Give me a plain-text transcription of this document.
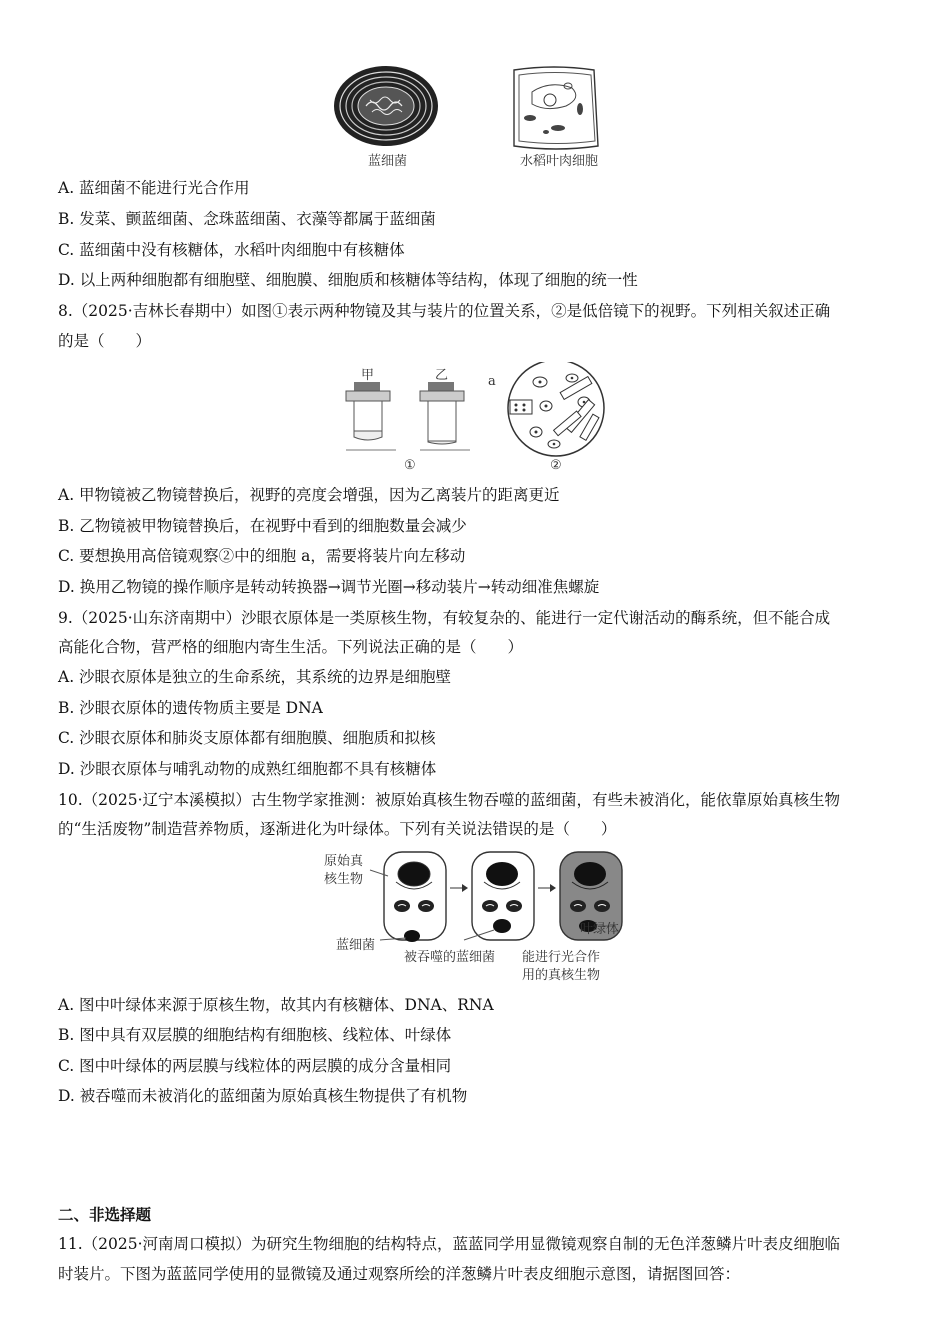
蓝细菌	水稻叶肉细胞
A. 蓝细菌不能进行光合作用
B. 发菜、颤蓝细菌、念珠蓝细菌、衣藻等都属于蓝细菌
C. 蓝细菌中没有核糖体，水稻叶肉细胞中有核糖体
D. 以上两种细胞都有细胞壁、细胞膜、细胞质和核糖体等结构，体现了细胞的统一性
8.（2025·吉林长春期中）如图①表示两种物镜及其与装片的位置关系，②是低倍镜下的视野。下列相关叙述正确
的是（　　）
A. 甲物镜被乙物镜替换后，视野的亮度会增强，因为乙离装片的距离更近
B. 乙物镜被甲物镜替换后，在视野中看到的细胞数量会减少
C. 要想换用高倍镜观察②中的细胞 a，需要将装片向左移动
D. 换用乙物镜的操作顺序是转动转换器→调节光圈→移动装片→转动细准焦螺旋
9.（2025·山东济南期中）沙眼衣原体是一类原核生物，有较复杂的、能进行一定代谢活动的酶系统，但不能合成
高能化合物，营严格的细胞内寄生生活。下列说法正确的是（　　）
A. 沙眼衣原体是独立的生命系统，其系统的边界是细胞壁
B. 沙眼衣原体的遗传物质主要是 DNA
C. 沙眼衣原体和肺炎支原体都有细胞膜、细胞质和拟核
D. 沙眼衣原体与哺乳动物的成熟红细胞都不具有核糖体
10.（2025·辽宁本溪模拟）古生物学家推测：被原始真核生物吞噬的蓝细菌，有些未被消化，能依靠原始真核生物
的“生活废物”制造营养物质，逐渐进化为叶绿体。下列有关说法错误的是（　　）
A. 图中叶绿体来源于原核生物，故其内有核糖体、DNA、RNA
B. 图中具有双层膜的细胞结构有细胞核、线粒体、叶绿体
C. 图中叶绿体的两层膜与线粒体的两层膜的成分含量相同
D. 被吞噬而未被消化的蓝细菌为原始真核生物提供了有机物
二、非选择题
11.（2025·河南周口模拟）为研究生物细胞的结构特点，蓝蓝同学用显微镜观察自制的无色洋葱鳞片叶表皮细胞临
时装片。下图为蓝蓝同学使用的显微镜及通过观察所绘的洋葱鳞片叶表皮细胞示意图，请据图回答：
甲	乙	a
①	②
原始真
核生物
蓝细菌
被吞噬的蓝细菌
叶绿体
能进行光合作
用的真核生物
